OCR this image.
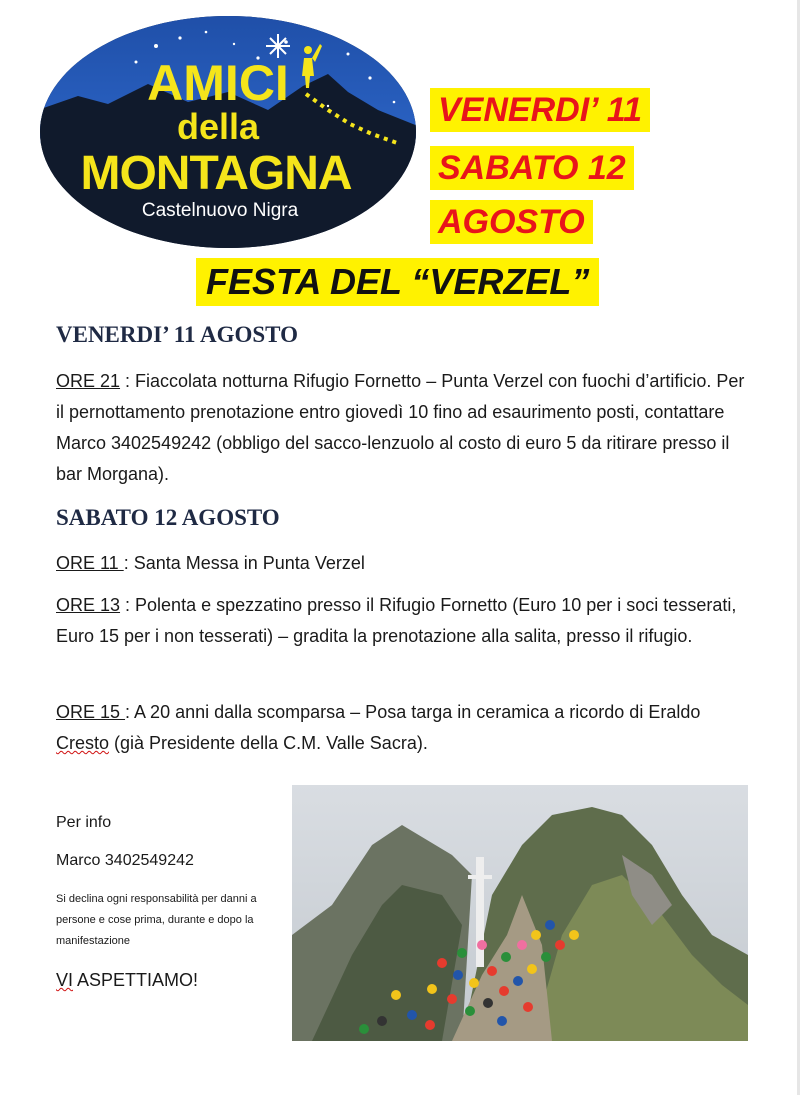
AMICI
della
MONTAGNA
Castelnuovo Nigra
VENERDI’ 11
SABATO 12
AGOSTO
FESTA DEL “VERZEL”
VENERDI’ 11 AGOSTO
ORE 21 : Fiaccolata notturna Rifugio Fornetto – Punta Verzel con fuochi d’artificio. Per il pernottamento prenotazione entro giovedì 10 fino ad esaurimento posti, contattare Marco 3402549242 (obbligo del sacco-lenzuolo al costo di euro 5 da ritirare presso il bar Morgana).
SABATO 12 AGOSTO
ORE 11 : Santa Messa in Punta Verzel
ORE 13 : Polenta e spezzatino presso il Rifugio Fornetto (Euro 10 per i soci tesserati, Euro 15 per i non tesserati) – gradita la prenotazione alla salita, presso il rifugio.
ORE 15 : A 20 anni dalla scomparsa – Posa targa in ceramica a ricordo di Eraldo Cresto (già Presidente della C.M. Valle Sacra).
Per info
Marco 3402549242
Si declina ogni responsabilità per danni a persone e cose prima, durante e dopo la manifestazione
VI ASPETTIAMO!
